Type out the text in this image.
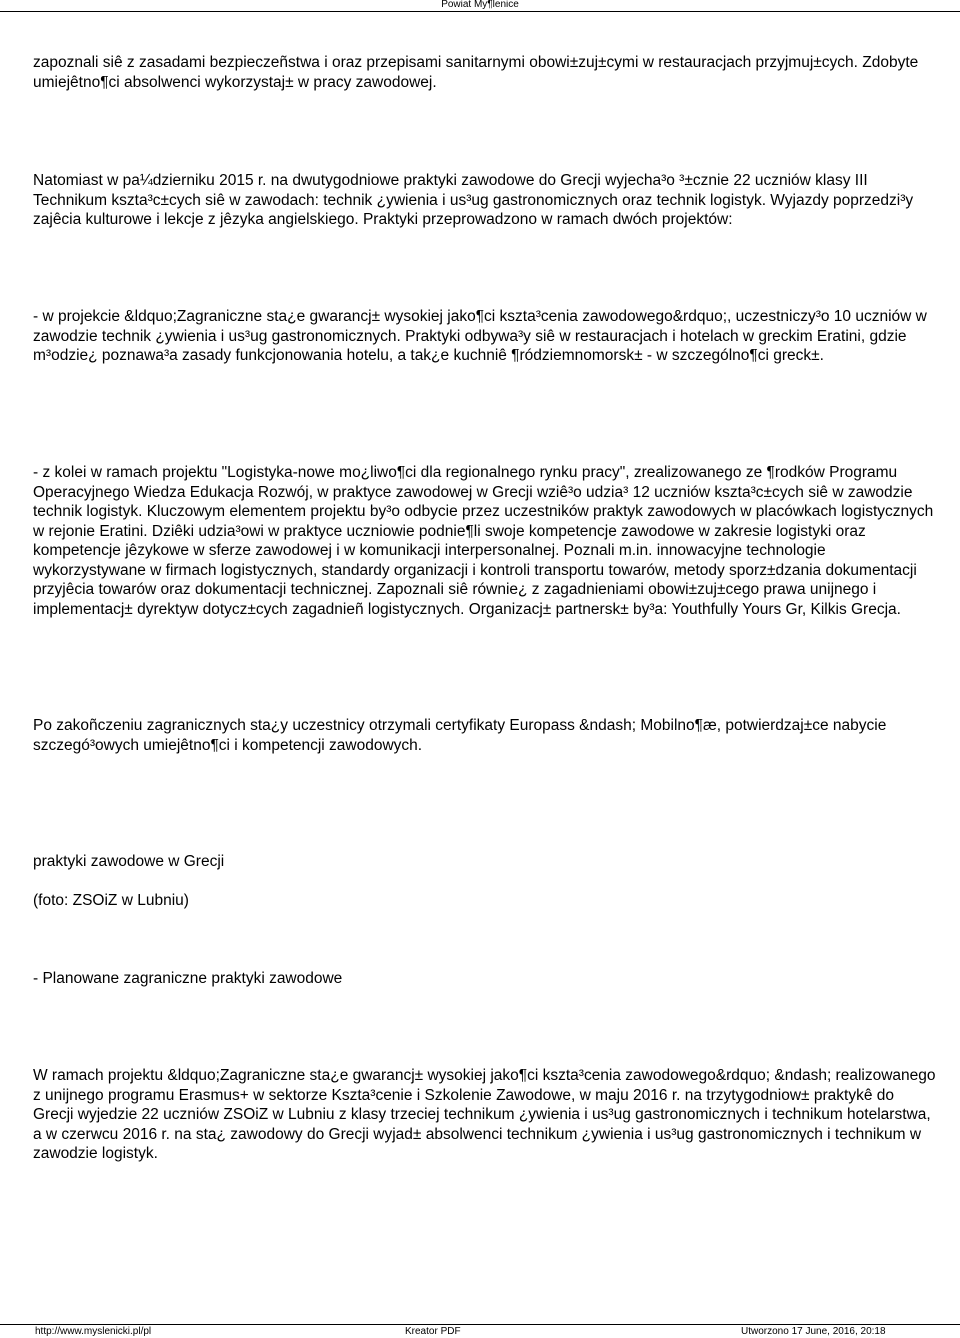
Powiat My¶lenice

zapoznali siê z zasadami bezpieczeñstwa i oraz przepisami sanitarnymi obowi±zuj±cymi w restauracjach przyjmuj±cych. Zdobyte umiejêtno¶ci absolwenci wykorzystaj± w pracy zawodowej.

Natomiast w pa¼dzierniku 2015 r. na dwutygodniowe praktyki zawodowe do Grecji wyjecha³o ³±cznie 22 uczniów klasy III Technikum kszta³c±cych siê w zawodach: technik ¿ywienia i us³ug gastronomicznych oraz technik logistyk. Wyjazdy poprzedzi³y zajêcia kulturowe i lekcje z jêzyka angielskiego. Praktyki przeprowadzono w ramach dwóch projektów:

- w projekcie &ldquo;Zagraniczne sta¿e gwarancj± wysokiej jako¶ci kszta³cenia zawodowego&rdquo;, uczestniczy³o 10 uczniów w zawodzie technik ¿ywienia i us³ug gastronomicznych. Praktyki odbywa³y siê w restauracjach i hotelach w greckim Eratini, gdzie m³odzie¿ poznawa³a zasady funkcjonowania hotelu, a tak¿e kuchniê ¶ródziemnomorsk± - w szczególno¶ci greck±.

- z kolei w ramach projektu "Logistyka-nowe mo¿liwo¶ci dla regionalnego rynku pracy", zrealizowanego ze ¶rodków Programu Operacyjnego Wiedza Edukacja Rozwój, w praktyce zawodowej w Grecji wziê³o udzia³ 12 uczniów kszta³c±cych siê w zawodzie technik logistyk. Kluczowym elementem projektu by³o odbycie przez uczestników praktyk zawodowych w placówkach logistycznych w rejonie Eratini. Dziêki udzia³owi w praktyce uczniowie podnie¶li swoje kompetencje zawodowe w zakresie logistyki oraz kompetencje jêzykowe w sferze zawodowej i w komunikacji interpersonalnej. Poznali m.in. innowacyjne technologie wykorzystywane w firmach logistycznych, standardy organizacji i kontroli transportu towarów, metody sporz±dzania dokumentacji przyjêcia towarów oraz dokumentacji technicznej. Zapoznali siê równie¿ z zagadnieniami obowi±zuj±cego prawa unijnego i implementacj± dyrektyw dotycz±cych zagadnieñ logistycznych. Organizacj± partnersk± by³a: Youthfully Yours Gr, Kilkis Grecja.

Po zakoñczeniu zagranicznych sta¿y uczestnicy otrzymali certyfikaty Europass &ndash; Mobilno¶æ, potwierdzaj±ce nabycie szczegó³owych umiejêtno¶ci i kompetencji zawodowych.

praktyki zawodowe w Grecji

(foto: ZSOiZ w Lubniu)

- Planowane zagraniczne praktyki zawodowe

W ramach projektu &ldquo;Zagraniczne sta¿e gwarancj± wysokiej jako¶ci kszta³cenia zawodowego&rdquo; &ndash; realizowanego z unijnego programu Erasmus+ w sektorze Kszta³cenie i Szkolenie Zawodowe, w maju 2016 r. na trzytygodniow± praktykê do Grecji wyjedzie 22 uczniów ZSOiZ w Lubniu z klasy trzeciej technikum ¿ywienia i us³ug gastronomicznych i technikum hotelarstwa, a w czerwcu 2016 r. na sta¿ zawodowy do Grecji wyjad± absolwenci technikum ¿ywienia i us³ug gastronomicznych i technikum w zawodzie logistyk.

http://www.myslenicki.pl/pl	Kreator PDF	Utworzono 17 June, 2016, 20:18
